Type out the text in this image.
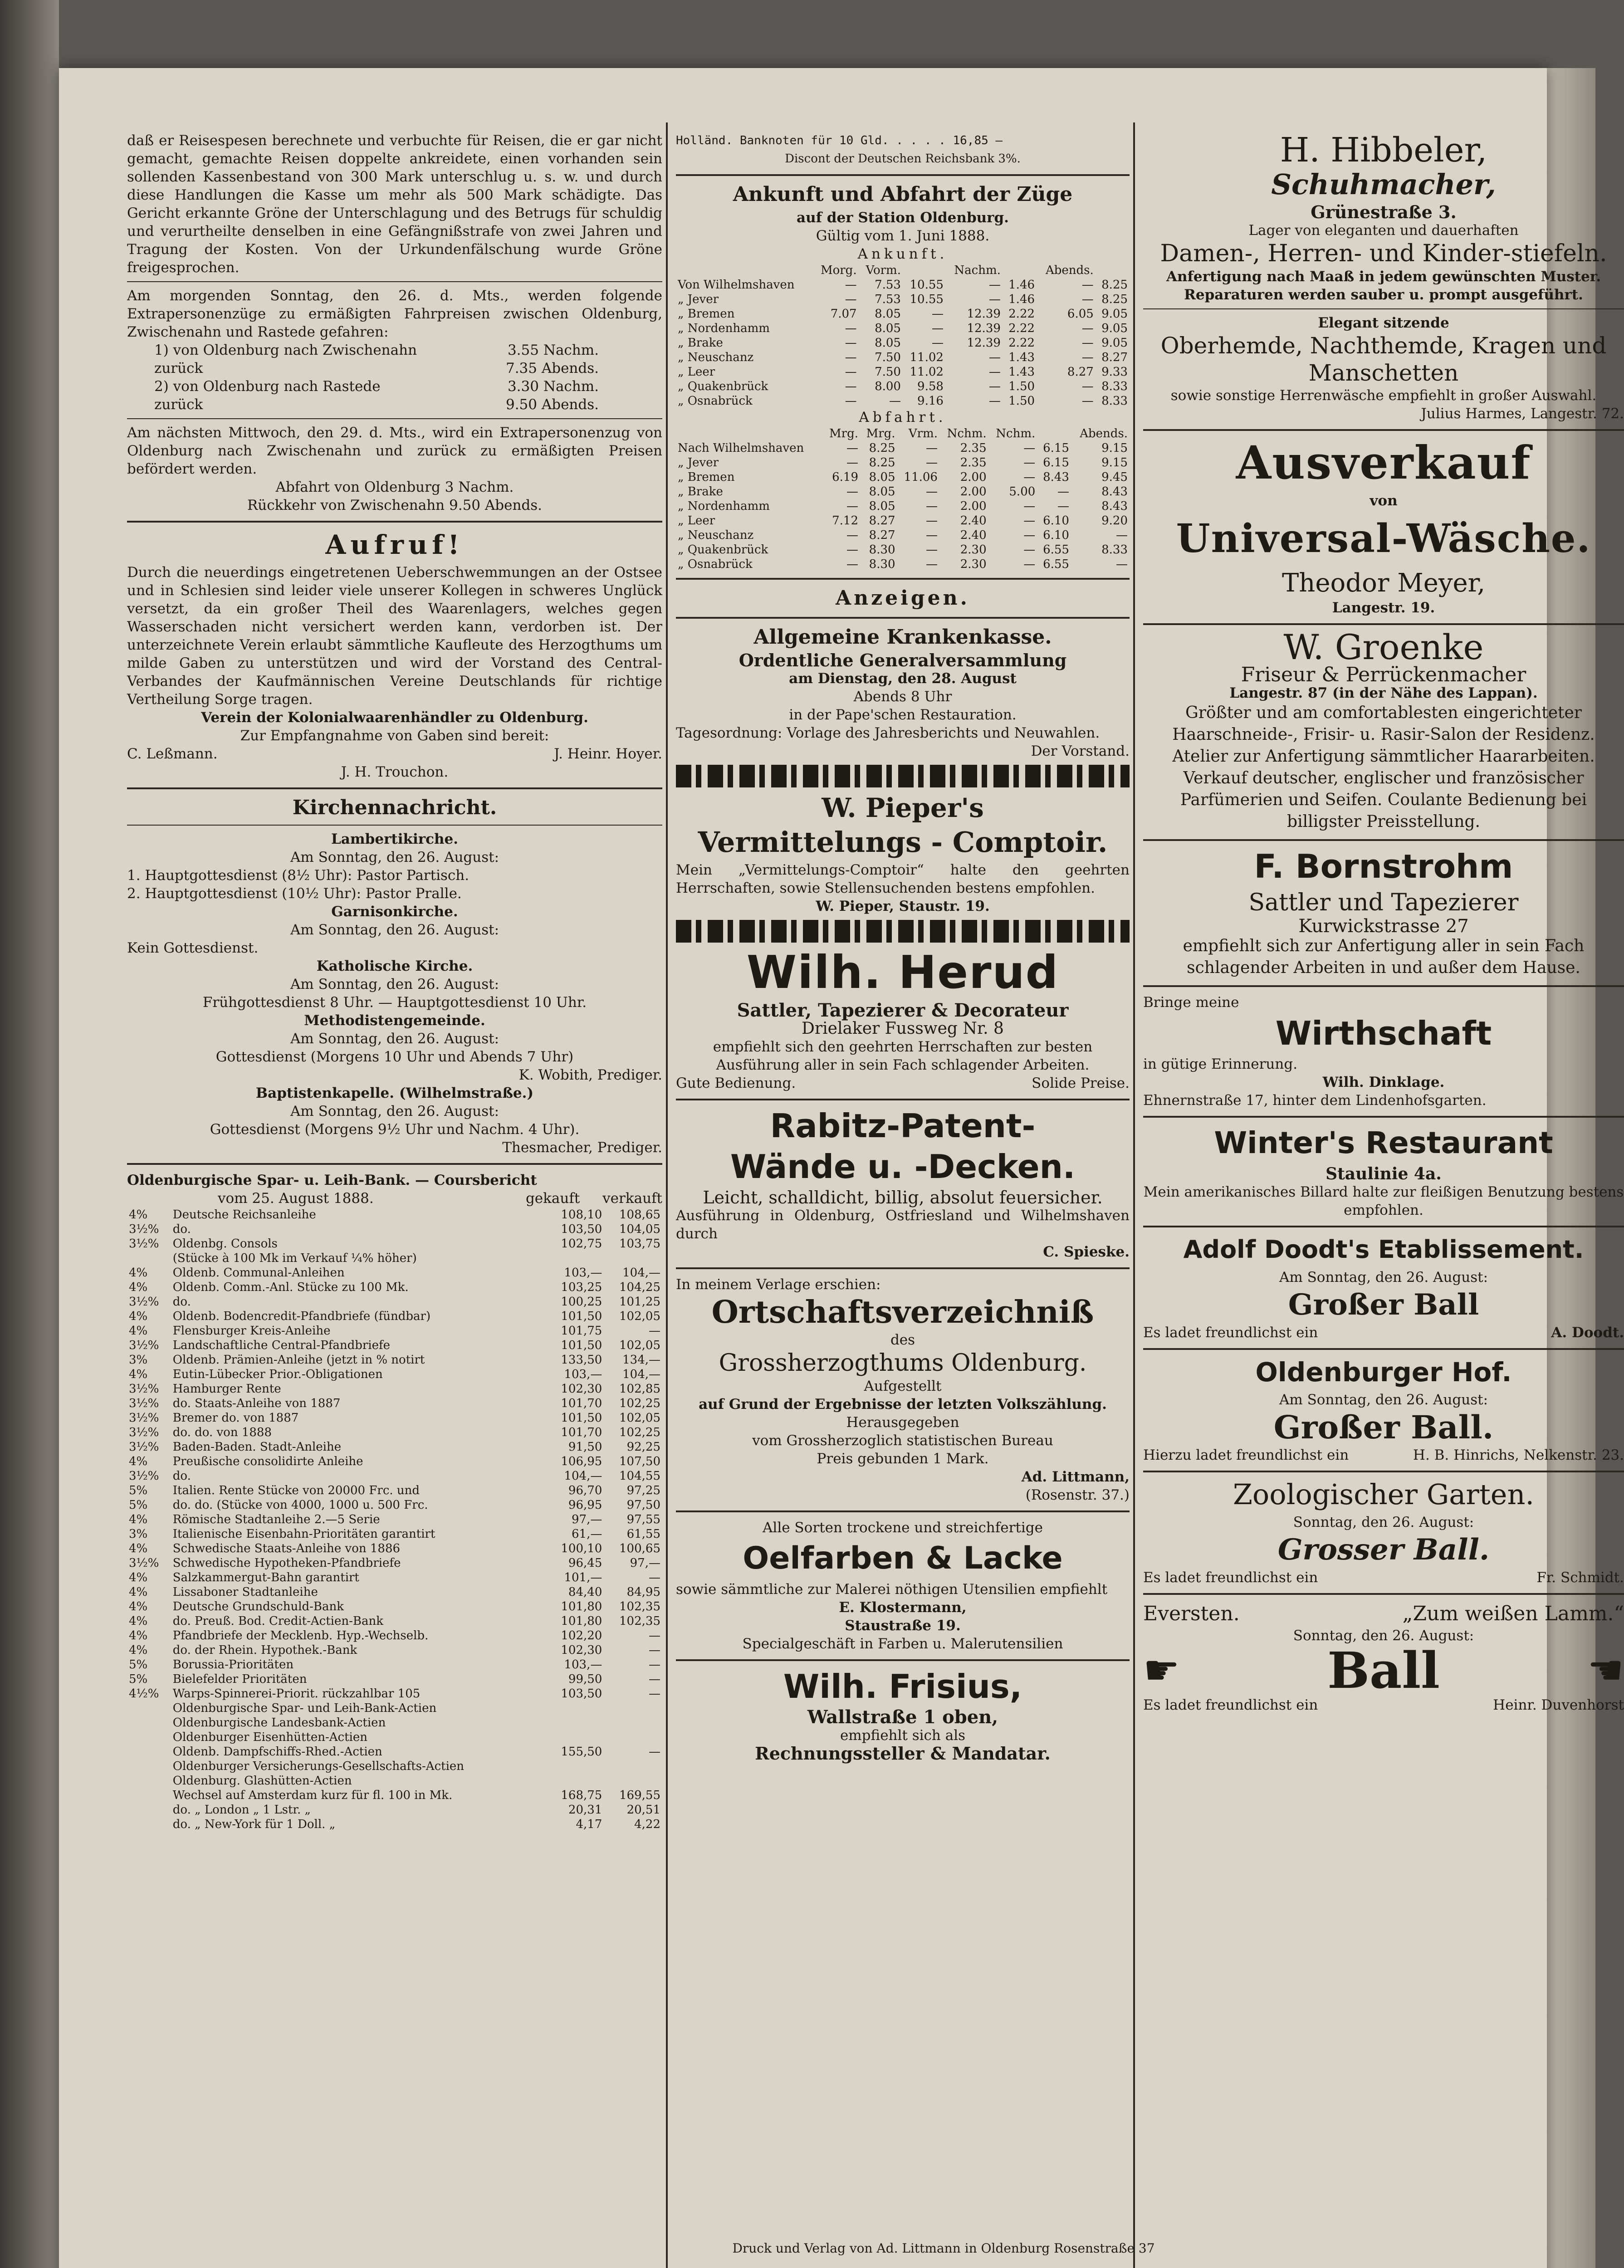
daß er Reisespesen berechnete und verbuchte für Reisen, die er gar nicht gemacht, gemachte Reisen doppelte ankreidete, einen vorhanden sein sollenden Kassenbestand von 300 Mark unterschlug u. s. w. und durch diese Handlungen die Kasse um mehr als 500 Mark schädigte. Das Gericht erkannte Gröne der Unterschlagung und des Betrugs für schuldig und verurtheilte denselben in eine Gefängnißstrafe von zwei Jahren und Tragung der Kosten. Von der Urkundenfälschung wurde Gröne freigesprochen.

Am morgenden Sonntag, den 26. d. Mts., werden folgende Extrapersonenzüge zu ermäßigten Fahrpreisen zwischen Oldenburg, Zwischenahn und Rastede gefahren:

1) von Oldenburg nach Zwischenahn	3.55 Nachm.
zurück	7.35 Abends.
2) von Oldenburg nach Rastede	3.30 Nachm.
zurück	9.50 Abends.

Am nächsten Mittwoch, den 29. d. Mts., wird ein Extrapersonenzug von Oldenburg nach Zwischenahn und zurück zu ermäßigten Preisen befördert werden.

Abfahrt von Oldenburg 3 Nachm.

Rückkehr von Zwischenahn 9.50 Abends.

Aufruf!

Durch die neuerdings eingetretenen Ueberschwemmungen an der Ostsee und in Schlesien sind leider viele unserer Kollegen in schweres Unglück versetzt, da ein großer Theil des Waarenlagers, welches gegen Wasserschaden nicht versichert werden kann, verdorben ist. Der unterzeichnete Verein erlaubt sämmtliche Kaufleute des Herzogthums um milde Gaben zu unterstützen und wird der Vorstand des Central-Verbandes der Kaufmännischen Vereine Deutschlands für richtige Vertheilung Sorge tragen.

Verein der Kolonialwaarenhändler zu Oldenburg.

Zur Empfangnahme von Gaben sind bereit:

C. Leßmann.	J. Heinr. Hoyer.

J. H. Trouchon.

Kirchennachricht.

Lambertikirche.

Am Sonntag, den 26. August:

1. Hauptgottesdienst (8½ Uhr): Pastor Partisch.

2. Hauptgottesdienst (10½ Uhr): Pastor Pralle.

Garnisonkirche.

Am Sonntag, den 26. August:

Kein Gottesdienst.

Katholische Kirche.

Am Sonntag, den 26. August:

Frühgottesdienst 8 Uhr. — Hauptgottesdienst 10 Uhr.

Methodistengemeinde.

Am Sonntag, den 26. August:

Gottesdienst (Morgens 10 Uhr und Abends 7 Uhr)

K. Wobith, Prediger.

Baptistenkapelle. (Wilhelmstraße.)

Am Sonntag, den 26. August:

Gottesdienst (Morgens 9½ Uhr und Nachm. 4 Uhr).

Thesmacher, Prediger.

Oldenburgische Spar- u. Leih-Bank. — Coursbericht

vom 25. August 1888.	gekauft verkauft
4%	Deutsche Reichsanleihe	108,10	108,65
3½%	do.	103,50	104,05
3½%	Oldenbg. Consols	102,75	103,75
	(Stücke à 100 Mk im Verkauf ¼% höher)		
4%	Oldenb. Communal-Anleihen	103,—	104,—
4%	Oldenb. Comm.-Anl. Stücke zu 100 Mk.	103,25	104,25
3½%	do.	100,25	101,25
4%	Oldenb. Bodencredit-Pfandbriefe (fündbar)	101,50	102,05
4%	Flensburger Kreis-Anleihe	101,75	—
3½%	Landschaftliche Central-Pfandbriefe	101,50	102,05
3%	Oldenb. Prämien-Anleihe (jetzt in % notirt	133,50	134,—
4%	Eutin-Lübecker Prior.-Obligationen	103,—	104,—
3½%	Hamburger Rente	102,30	102,85
3½%	do. Staats-Anleihe von 1887	101,70	102,25
3½%	Bremer do. von 1887	101,50	102,05
3½%	do. do. von 1888	101,70	102,25
3½%	Baden-Baden. Stadt-Anleihe	91,50	92,25
4%	Preußische consolidirte Anleihe	106,95	107,50
3½%	do.	104,—	104,55
5%	Italien. Rente Stücke von 20000 Frc. und	96,70	97,25
5%	do. do. (Stücke von 4000, 1000 u. 500 Frc.	96,95	97,50
4%	Römische Stadtanleihe 2.—5 Serie	97,—	97,55
3%	Italienische Eisenbahn-Prioritäten garantirt	61,—	61,55
4%	Schwedische Staats-Anleihe von 1886	100,10	100,65
3½%	Schwedische Hypotheken-Pfandbriefe	96,45	97,—
4%	Salzkammergut-Bahn garantirt	101,—	—
4%	Lissaboner Stadtanleihe	84,40	84,95
4%	Deutsche Grundschuld-Bank	101,80	102,35
4%	do. Preuß. Bod. Credit-Actien-Bank	101,80	102,35
4%	Pfandbriefe der Mecklenb. Hyp.-Wechselb.	102,20	—
4%	do. der Rhein. Hypothek.-Bank	102,30	—
5%	Borussia-Prioritäten	103,—	—
5%	Bielefelder Prioritäten	99,50	—
4½%	Warps-Spinnerei-Priorit. rückzahlbar 105	103,50	—
	Oldenburgische Spar- und Leih-Bank-Actien		
	Oldenburgische Landesbank-Actien		
	Oldenburger Eisenhütten-Actien		
	Oldenb. Dampfschiffs-Rhed.-Actien	155,50	—
	Oldenburger Versicherungs-Gesellschafts-Actien		
	Oldenburg. Glashütten-Actien		
	Wechsel auf Amsterdam kurz für fl. 100 in Mk.	168,75	169,55
	do. „ London „ 1 Lstr. „	20,31	20,51
	do. „ New-York für 1 Doll. „	4,17	4,22

Holländ. Banknoten für 10 Gld. . . . . 16,85 —

Discont der Deutschen Reichsbank 3%.

Ankunft und Abfahrt der Züge

auf der Station Oldenburg.

Gültig vom 1. Juni 1888.

Ankunft.

	Morg.	Vorm.		Nachm.		Abends.	
Von Wilhelmshaven	—	7.53	10.55	—	1.46	—	8.25
„ Jever	—	7.53	10.55	—	1.46	—	8.25
„ Bremen	7.07	8.05	—	12.39	2.22	6.05	9.05
„ Nordenhamm	—	8.05	—	12.39	2.22	—	9.05
„ Brake	—	8.05	—	12.39	2.22	—	9.05
„ Neuschanz	—	7.50	11.02	—	1.43	—	8.27
„ Leer	—	7.50	11.02	—	1.43	8.27	9.33
„ Quakenbrück	—	8.00	9.58	—	1.50	—	8.33
„ Osnabrück	—	—	9.16	—	1.50	—	8.33

Abfahrt.

	Mrg.	Mrg.	Vrm.	Nchm.	Nchm.		Abends.
Nach Wilhelmshaven	—	8.25	—	2.35	—	6.15	9.15
„ Jever	—	8.25	—	2.35	—	6.15	9.15
„ Bremen	6.19	8.05	11.06	2.00	—	8.43	9.45
„ Brake	—	8.05	—	2.00	5.00	—	8.43
„ Nordenhamm	—	8.05	—	2.00	—	—	8.43
„ Leer	7.12	8.27	—	2.40	—	6.10	9.20
„ Neuschanz	—	8.27	—	2.40	—	6.10	—
„ Quakenbrück	—	8.30	—	2.30	—	6.55	8.33
„ Osnabrück	—	8.30	—	2.30	—	6.55	—
Anzeigen.
Allgemeine Krankenkasse.

Ordentliche Generalversammlung

am Dienstag, den 28. August

Abends 8 Uhr

in der Pape'schen Restauration.

Tagesordnung: Vorlage des Jahresberichts und Neuwahlen.

Der Vorstand.

W. Pieper's
Vermittelungs - Comptoir.

Mein „Vermittelungs-Comptoir“ halte den geehrten Herrschaften, sowie Stellensuchenden bestens empfohlen.

W. Pieper, Staustr. 19.

Wilh. Herud

Sattler, Tapezierer & Decorateur

Drielaker Fussweg Nr. 8

empfiehlt sich den geehrten Herrschaften zur besten Ausführung aller in sein Fach schlagender Arbeiten.

Gute Bedienung.	Solide Preise.
Rabitz-Patent-
Wände u. -Decken.

Leicht, schalldicht, billig, absolut feuersicher.

Ausführung in Oldenburg, Ostfriesland und Wilhelmshaven durch

C. Spieske.

In meinem Verlage erschien:

Ortschaftsverzeichniß

des

Grossherzogthums Oldenburg.

Aufgestellt

auf Grund der Ergebnisse der letzten Volkszählung.

Herausgegeben

vom Grossherzoglich statistischen Bureau

Preis gebunden 1 Mark.

Ad. Littmann,

(Rosenstr. 37.)

Alle Sorten trockene und streichfertige

Oelfarben & Lacke

sowie sämmtliche zur Malerei nöthigen Utensilien empfiehlt

E. Klostermann,

Staustraße 19.

Specialgeschäft in Farben u. Malerutensilien

Wilh. Frisius,

Wallstraße 1 oben,

empfiehlt sich als

Rechnungssteller & Mandatar.

H. Hibbeler,
Schuhmacher,

Grünestraße 3.

Lager von eleganten und dauerhaften

Damen-, Herren- und Kinder-stiefeln.

Anfertigung nach Maaß in jedem gewünschten Muster.

Reparaturen werden sauber u. prompt ausgeführt.

Elegant sitzende

Oberhemde, Nachthemde, Kragen und Manschetten

sowie sonstige Herrenwäsche empfiehlt in großer Auswahl.

Julius Harmes, Langestr. 72.

Ausverkauf

von

Universal-Wäsche.

Theodor Meyer,

Langestr. 19.

W. Groenke

Friseur & Perrückenmacher

Langestr. 87 (in der Nähe des Lappan).

Größter und am comfortablesten eingerichteter Haarschneide-, Frisir- u. Rasir-Salon der Residenz. Atelier zur Anfertigung sämmtlicher Haararbeiten. Verkauf deutscher, englischer und französischer Parfümerien und Seifen. Coulante Bedienung bei billigster Preisstellung.

F. Bornstrohm

Sattler und Tapezierer

Kurwickstrasse 27

empfiehlt sich zur Anfertigung aller in sein Fach schlagender Arbeiten in und außer dem Hause.

Bringe meine

Wirthschaft

in gütige Erinnerung.

Wilh. Dinklage.

Ehnernstraße 17, hinter dem Lindenhofsgarten.

Winter's Restaurant

Staulinie 4a.

Mein amerikanisches Billard halte zur fleißigen Benutzung bestens empfohlen.

Adolf Doodt's Etablissement.

Am Sonntag, den 26. August:

Großer Ball
Es ladet freundlichst ein	A. Doodt.
Oldenburger Hof.

Am Sonntag, den 26. August:

Großer Ball.
Hierzu ladet freundlichst ein	H. B. Hinrichs, Nelkenstr. 23.
Zoologischer Garten.

Sonntag, den 26. August:

Grosser Ball.
Es ladet freundlichst ein	Fr. Schmidt.
Eversten.	„Zum weißen Lamm.“

Sonntag, den 26. August:

☛	Ball	☚
Es ladet freundlichst ein	Heinr. Duvenhorst
Druck und Verlag von Ad. Littmann in Oldenburg Rosenstraße 37
